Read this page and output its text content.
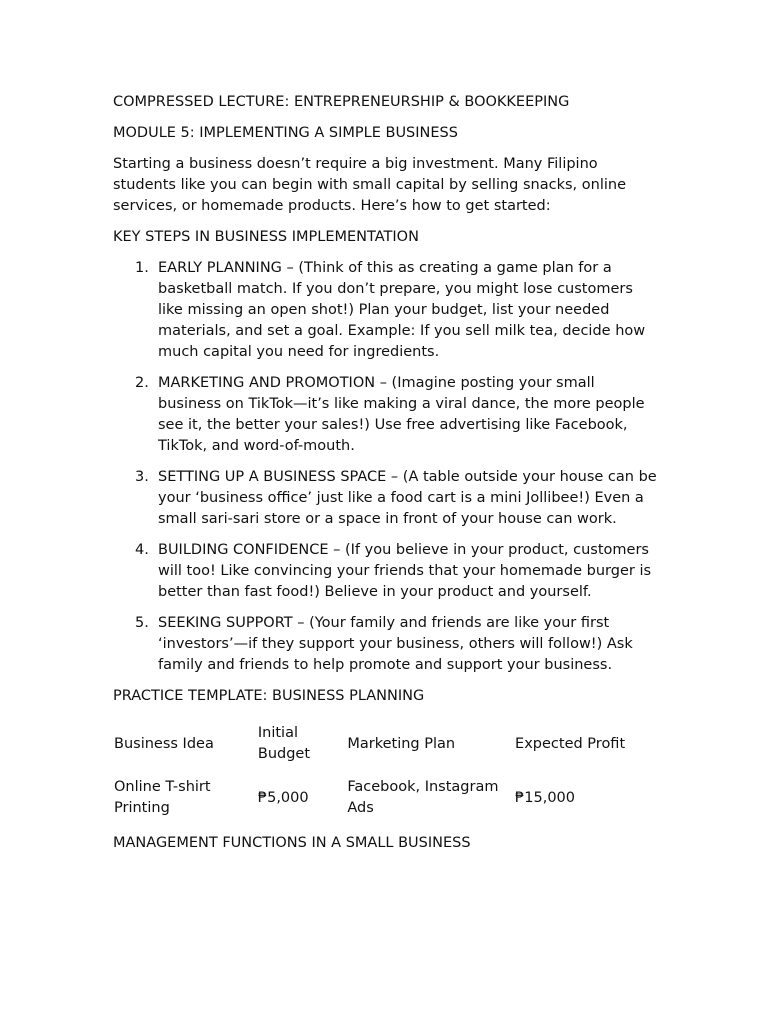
COMPRESSED LECTURE: ENTREPRENEURSHIP & BOOKKEEPING

MODULE 5: IMPLEMENTING A SIMPLE BUSINESS

Starting a business doesn’t require a big investment. Many Filipino students like you can begin with small capital by selling snacks, online services, or homemade products. Here’s how to get started:

KEY STEPS IN BUSINESS IMPLEMENTATION

1. EARLY PLANNING – (Think of this as creating a game plan for a basketball match. If you don’t prepare, you might lose customers like missing an open shot!) Plan your budget, list your needed materials, and set a goal. Example: If you sell milk tea, decide how much capital you need for ingredients.
2. MARKETING AND PROMOTION – (Imagine posting your small business on TikTok—it’s like making a viral dance, the more people see it, the better your sales!) Use free advertising like Facebook, TikTok, and word-of-mouth.
3. SETTING UP A BUSINESS SPACE – (A table outside your house can be your ‘business office’ just like a food cart is a mini Jollibee!) Even a small sari-sari store or a space in front of your house can work.
4. BUILDING CONFIDENCE – (If you believe in your product, customers will too! Like convincing your friends that your homemade burger is better than fast food!) Believe in your product and yourself.
5. SEEKING SUPPORT – (Your family and friends are like your first ‘investors’—if they support your business, others will follow!) Ask family and friends to help promote and support your business.

PRACTICE TEMPLATE: BUSINESS PLANNING

Business Idea	Initial Budget	Marketing Plan	Expected Profit
Online T-shirt Printing	₱5,000	Facebook, Instagram Ads	₱15,000

MANAGEMENT FUNCTIONS IN A SMALL BUSINESS
